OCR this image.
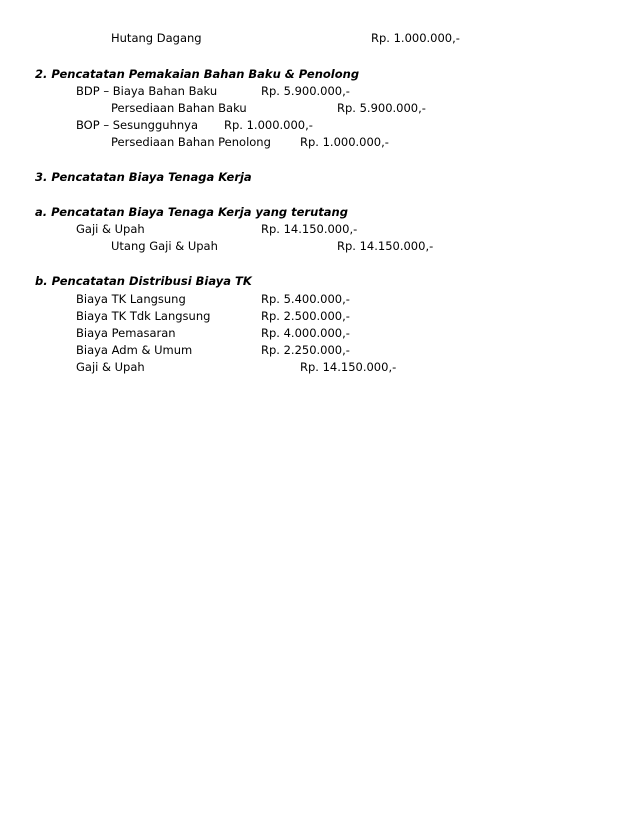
Hutang Dagang	Rp. 1.000.000,-
2. Pencatatan Pemakaian Bahan Baku & Penolong
BDP – Biaya Bahan Baku	Rp. 5.900.000,-
Persediaan Bahan Baku	Rp. 5.900.000,-
BOP – Sesungguhnya Rp. 1.000.000,-
Persediaan Bahan Penolong	Rp. 1.000.000,-
3. Pencatatan Biaya Tenaga Kerja
a. Pencatatan Biaya Tenaga Kerja yang terutang
Gaji & Upah	Rp. 14.150.000,-
Utang Gaji & Upah	Rp. 14.150.000,-
b. Pencatatan Distribusi Biaya TK
Biaya TK Langsung	Rp. 5.400.000,-
Biaya TK Tdk Langsung	Rp. 2.500.000,-
Biaya Pemasaran	Rp. 4.000.000,-
Biaya Adm & Umum	Rp. 2.250.000,-
Gaji & Upah	Rp. 14.150.000,-
